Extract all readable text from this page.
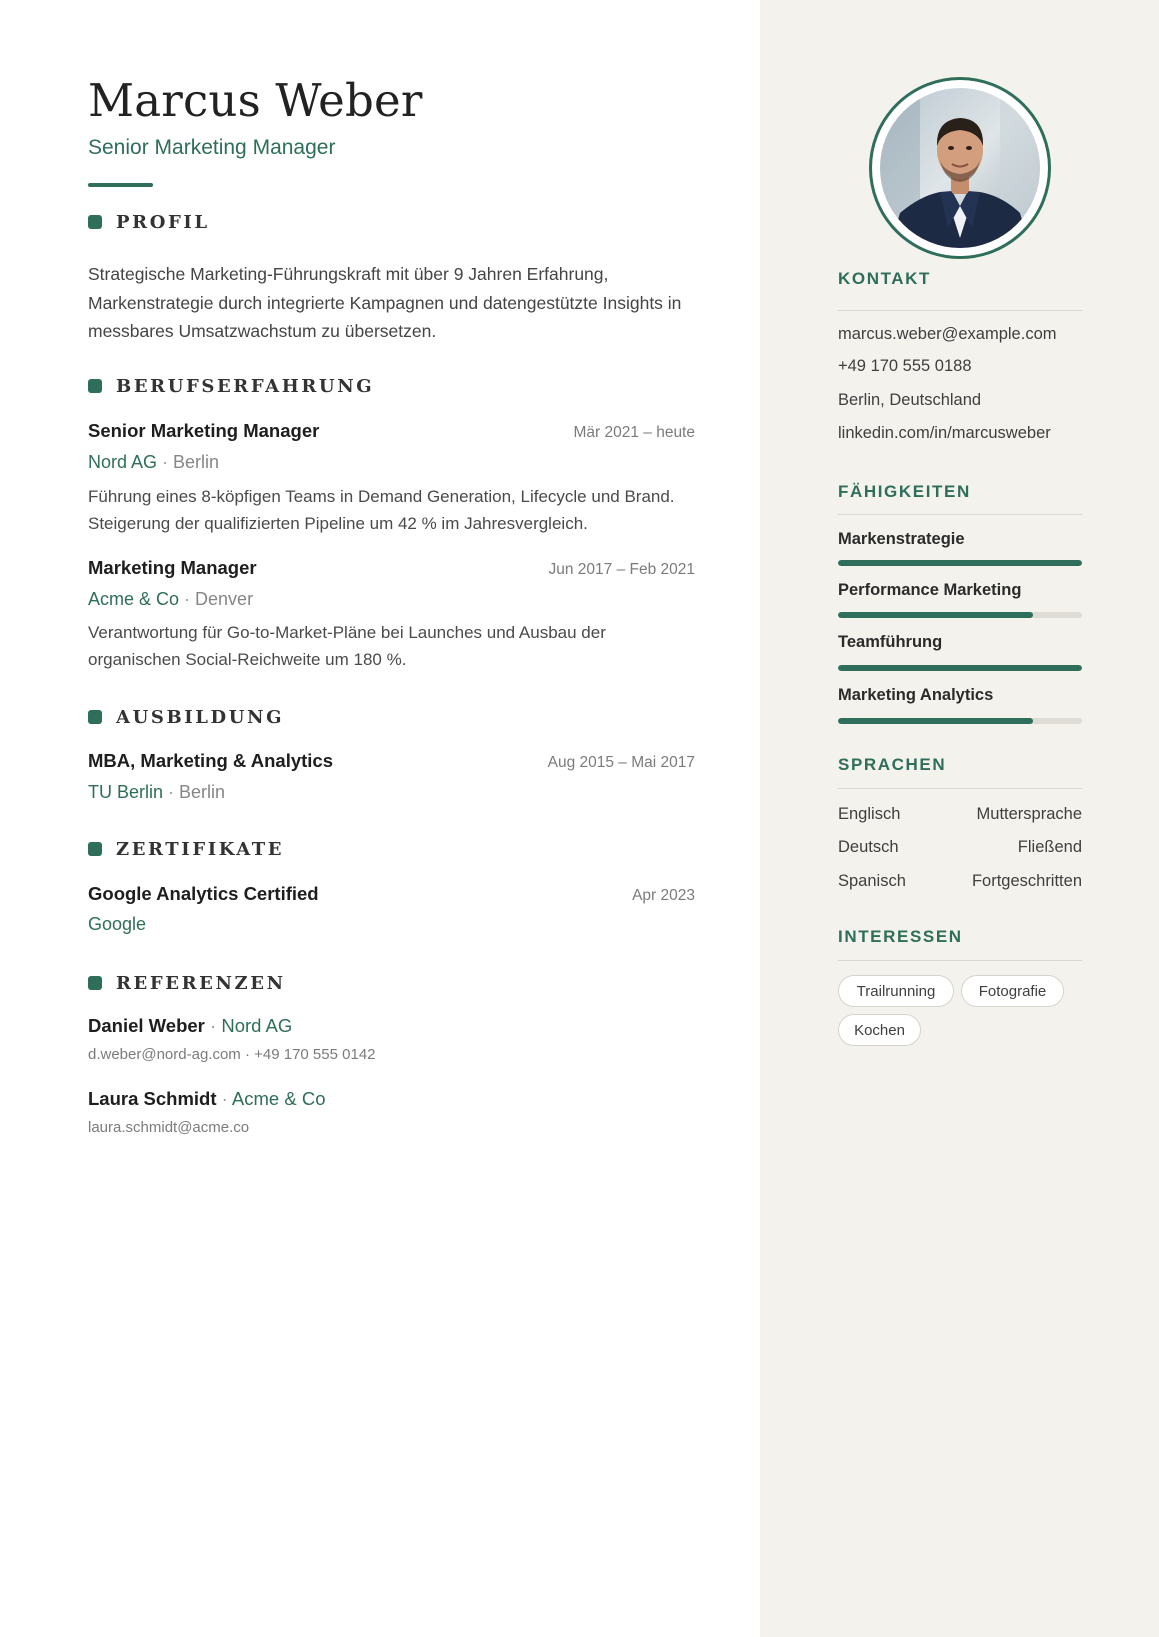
Marcus Weber
Senior Marketing Manager
PROFIL
Strategische Marketing-Führungskraft mit über 9 Jahren Erfahrung, Markenstrategie durch integrierte Kampagnen und datengestützte Insights in messbares Umsatzwachstum zu übersetzen.
BERUFSERFAHRUNG
Senior Marketing Manager	Mär 2021 – heute
Nord AG · Berlin
Führung eines 8-köpfigen Teams in Demand Generation, Lifecycle und Brand. Steigerung der qualifizierten Pipeline um 42 % im Jahresvergleich.
Marketing Manager	Jun 2017 – Feb 2021
Acme & Co · Denver
Verantwortung für Go-to-Market-Pläne bei Launches und Ausbau der organischen Social-Reichweite um 180 %.
AUSBILDUNG
MBA, Marketing & Analytics	Aug 2015 – Mai 2017
TU Berlin · Berlin
ZERTIFIKATE
Google Analytics Certified	Apr 2023
Google
REFERENZEN
Daniel Weber · Nord AG
d.weber@nord-ag.com · +49 170 555 0142
Laura Schmidt · Acme & Co
laura.schmidt@acme.co
KONTAKT
marcus.weber@example.com
+49 170 555 0188
Berlin, Deutschland
linkedin.com/in/marcusweber
FÄHIGKEITEN
Markenstrategie
Performance Marketing
Teamführung
Marketing Analytics
SPRACHEN
Englisch	Muttersprache
Deutsch	Fließend
Spanisch	Fortgeschritten
INTERESSEN
Trailrunning	Fotografie
Kochen
